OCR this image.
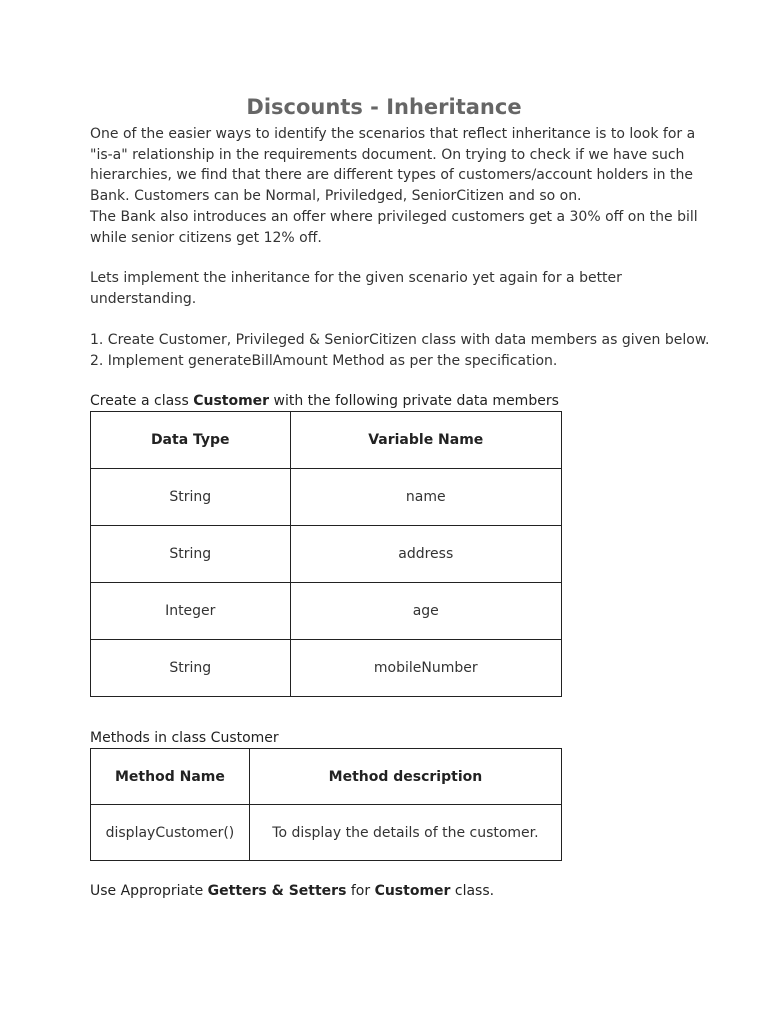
Discounts - Inheritance

One of the easier ways to identify the scenarios that reflect inheritance is to look for a
"is-a" relationship in the requirements document. On trying to check if we have such
hierarchies, we find that there are different types of customers/account holders in the
Bank. Customers can be Normal, Priviledged, SeniorCitizen and so on.
The Bank also introduces an offer where privileged customers get a 30% off on the bill
while senior citizens get 12% off.

Lets implement the inheritance for the given scenario yet again for a better
understanding.

1. Create Customer, Privileged & SeniorCitizen class with data members as given below.
2. Implement generateBillAmount Method as per the specification.

Create a class Customer with the following private data members
Data Type	Variable Name
String	name
String	address
Integer	age
String	mobileNumber
Methods in class Customer
Method Name	Method description
displayCustomer()	To display the details of the customer.
Use Appropriate Getters & Setters for Customer class.
